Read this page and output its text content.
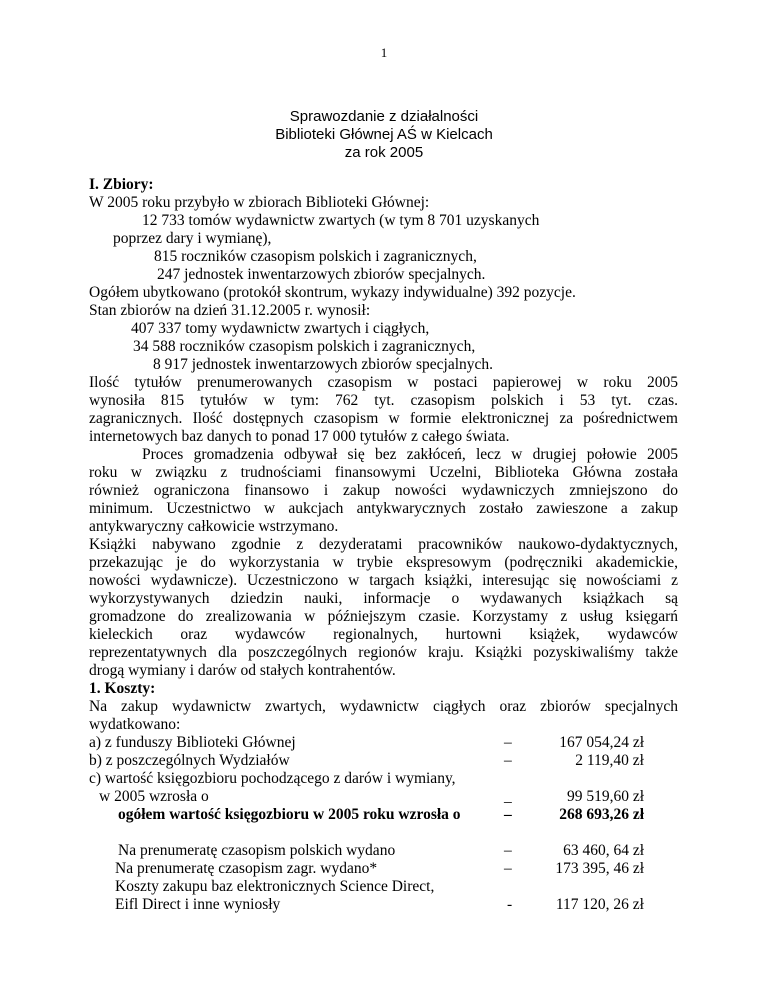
1
Sprawozdanie z działalności
Biblioteki Głównej AŚ w Kielcach
za rok 2005
I. Zbiory:
W 2005 roku przybyło w zbiorach Biblioteki Głównej:
12 733 tomów wydawnictw zwartych (w tym 8 701 uzyskanych
poprzez dary i wymianę),
815 roczników czasopism polskich i zagranicznych,
247 jednostek inwentarzowych zbiorów specjalnych.
Ogółem ubytkowano (protokół skontrum, wykazy indywidualne) 392 pozycje.
Stan zbiorów na dzień 31.12.2005 r. wynosił:
407 337 tomy wydawnictw zwartych i ciągłych,
34 588 roczników czasopism polskich i zagranicznych,
8 917 jednostek inwentarzowych zbiorów specjalnych.
Ilość tytułów prenumerowanych czasopism w postaci papierowej w roku 2005
wynosiła 815 tytułów w tym: 762 tyt. czasopism polskich i 53 tyt. czas.
zagranicznych. Ilość dostępnych czasopism w formie elektronicznej za pośrednictwem
internetowych baz danych to ponad 17 000 tytułów z całego świata.
Proces gromadzenia odbywał się bez zakłóceń, lecz w drugiej połowie 2005
roku w związku z trudnościami finansowymi Uczelni, Biblioteka Główna została
również ograniczona finansowo i zakup nowości wydawniczych zmniejszono do
minimum. Uczestnictwo w aukcjach antykwarycznych zostało zawieszone a zakup
antykwaryczny całkowicie wstrzymano.
Książki nabywano zgodnie z dezyderatami pracowników naukowo-dydaktycznych,
przekazując je do wykorzystania w trybie ekspresowym (podręczniki akademickie,
nowości wydawnicze). Uczestniczono w targach książki, interesując się nowościami z
wykorzystywanych dziedzin nauki, informacje o wydawanych książkach są
gromadzone do zrealizowania w późniejszym czasie. Korzystamy z usług księgarń
kieleckich oraz wydawców regionalnych, hurtowni książek, wydawców
reprezentatywnych dla poszczególnych regionów kraju. Książki pozyskiwaliśmy także
drogą wymiany i darów od stałych kontrahentów.
1. Koszty:
Na zakup wydawnictw zwartych, wydawnictw ciągłych oraz zbiorów specjalnych
wydatkowano:
a) z funduszy Biblioteki Głównej	–	167 054,24 zł
b) z poszczególnych Wydziałów	–	2 119,40 zł
c) wartość księgozbioru pochodzącego z darów i wymiany,
w 2005 wzrosła o	_	99 519,60 zł
ogółem wartość księgozbioru w 2005 roku wzrosła o	–	268 693,26 zł
Na prenumeratę czasopism polskich wydano	–	63 460, 64 zł
Na prenumeratę czasopism zagr. wydano*	–	173 395, 46 zł
Koszty zakupu baz elektronicznych Science Direct,
Eifl Direct i inne wyniosły	-	117 120, 26 zł
